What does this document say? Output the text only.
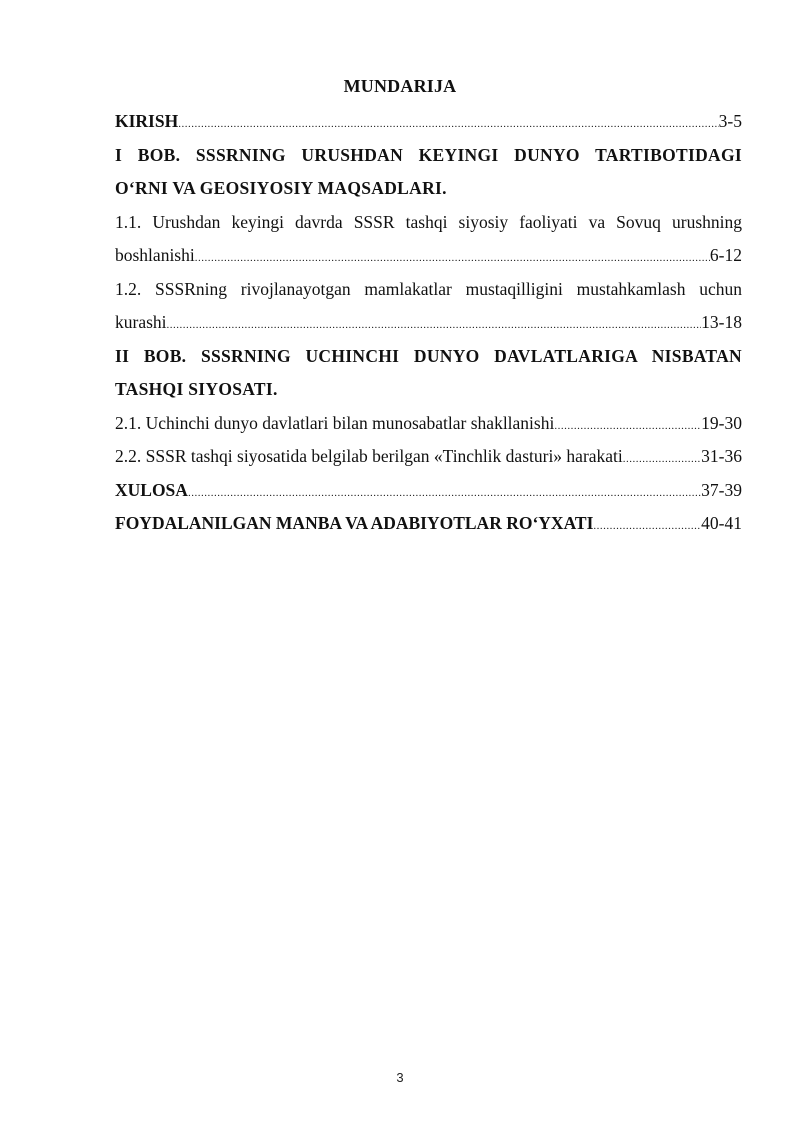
MUNDARIJA
KIRISH .....	3-5
I BOB. SSSRNING URUSHDAN KEYINGI DUNYO TARTIBOTIDAGI
O‘RNI VA GEOSIYOSIY MAQSADLARI.
1.1. Urushdan keyingi davrda SSSR tashqi siyosiy faoliyati va Sovuq urushning
boshlanishi .....	6-12
1.2. SSSRning rivojlanayotgan mamlakatlar mustaqilligini mustahkamlash uchun
kurashi .....	13-18
II BOB. SSSRNING UCHINCHI DUNYO DAVLATLARIGA NISBATAN
TASHQI SIYOSATI.
2.1. Uchinchi dunyo davlatlari bilan munosabatlar shakllanishi .....	19-30
2.2. SSSR tashqi siyosatida belgilab berilgan «Tinchlik dasturi» harakati .....	31-36
XULOSA .....	37-39
FOYDALANILGAN MANBA VA ADABIYOTLAR RO‘YXATI .....	40-41
3
